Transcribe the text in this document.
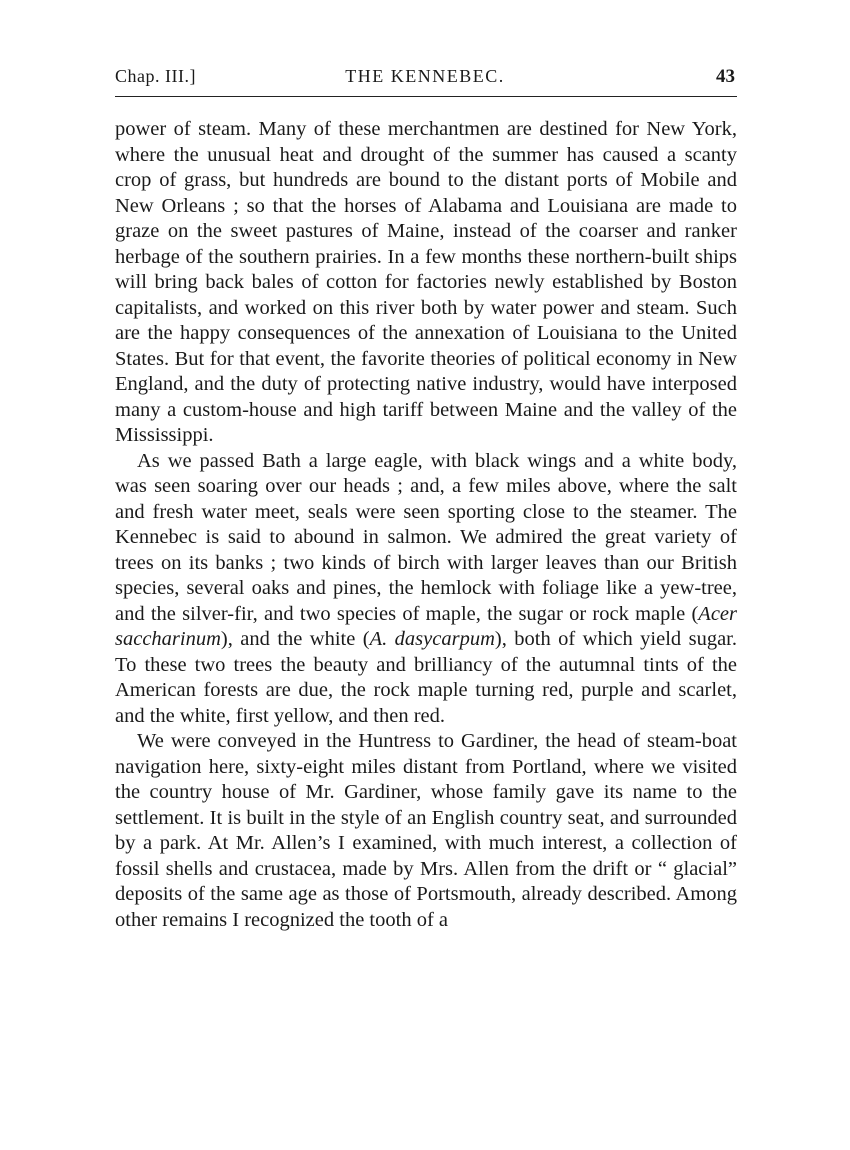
Chap. III.]	THE KENNEBEC.	43

power of steam. Many of these merchantmen are destined for New York, where the unusual heat and drought of the summer has caused a scanty crop of grass, but hundreds are bound to the distant ports of Mobile and New Orleans ; so that the horses of Alabama and Louisiana are made to graze on the sweet pastures of Maine, instead of the coarser and ranker herbage of the southern prairies. In a few months these northern-built ships will bring back bales of cotton for factories newly established by Boston capitalists, and worked on this river both by water power and steam. Such are the happy consequences of the annexation of Louisiana to the United States. But for that event, the favorite theories of political economy in New England, and the duty of protecting native industry, would have interposed many a custom-house and high tariff between Maine and the valley of the Mississippi.

As we passed Bath a large eagle, with black wings and a white body, was seen soaring over our heads ; and, a few miles above, where the salt and fresh water meet, seals were seen sporting close to the steamer. The Kennebec is said to abound in salmon. We admired the great variety of trees on its banks ; two kinds of birch with larger leaves than our British species, several oaks and pines, the hemlock with foliage like a yew-tree, and the silver-fir, and two species of maple, the sugar or rock maple (Acer saccharinum), and the white (A. dasycarpum), both of which yield sugar. To these two trees the beauty and brilliancy of the autumnal tints of the American forests are due, the rock maple turning red, purple and scarlet, and the white, first yellow, and then red.

We were conveyed in the Huntress to Gardiner, the head of steam-boat navigation here, sixty-eight miles distant from Portland, where we visited the country house of Mr. Gardiner, whose family gave its name to the settlement. It is built in the style of an English country seat, and surrounded by a park. At Mr. Allen’s I examined, with much interest, a collection of fossil shells and crustacea, made by Mrs. Allen from the drift or “ glacial” deposits of the same age as those of Portsmouth, already described. Among other remains I recognized the tooth of a
